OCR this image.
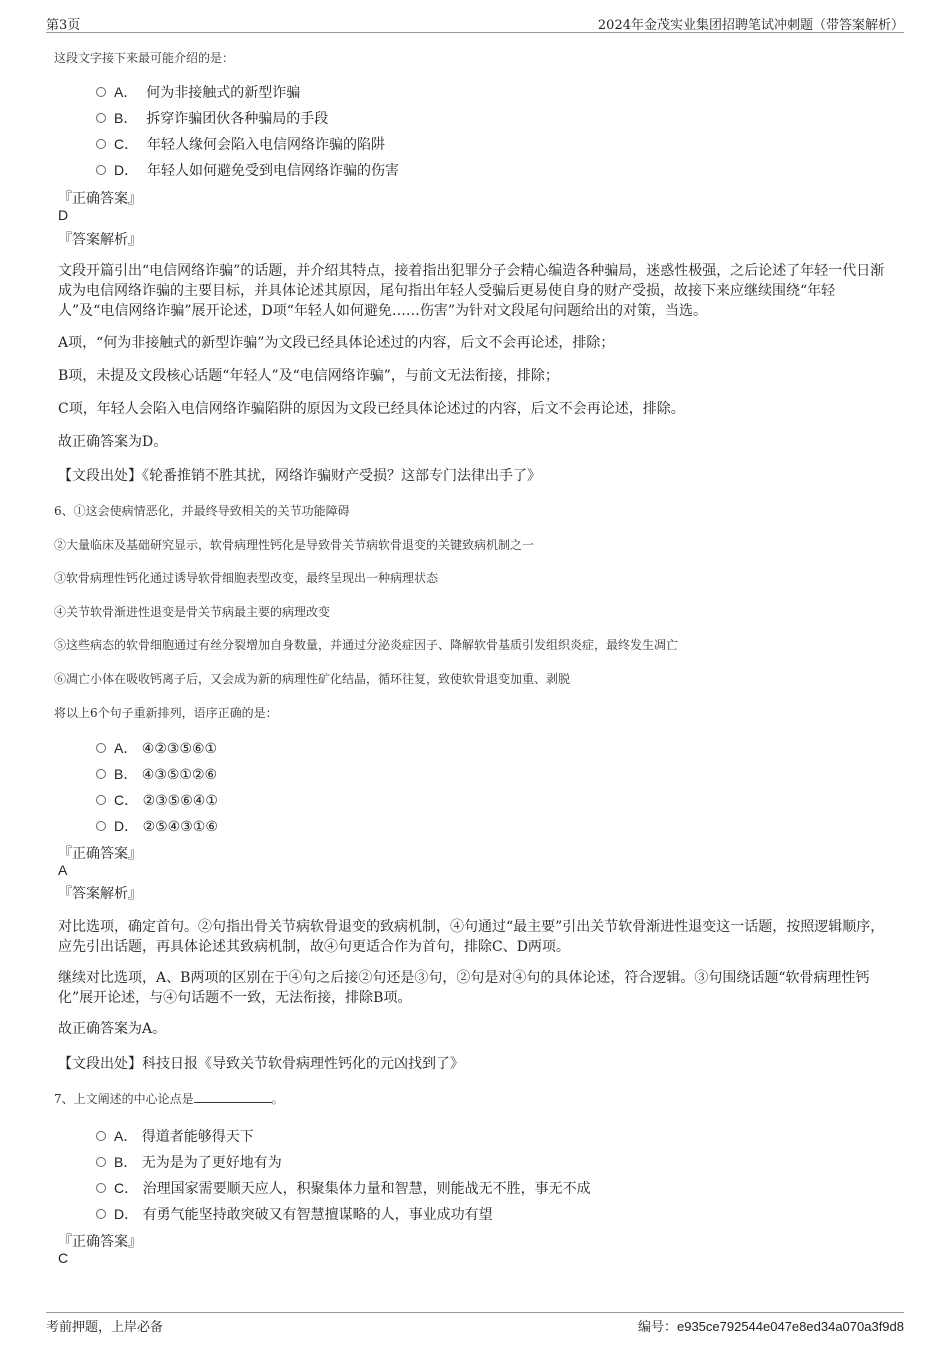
第3页	2024年金茂实业集团招聘笔试冲刺题（带答案解析）
这段文字接下来最可能介绍的是：
A． 何为非接触式的新型诈骗
B． 拆穿诈骗团伙各种骗局的手段
C． 年轻人缘何会陷入电信网络诈骗的陷阱
D． 年轻人如何避免受到电信网络诈骗的伤害
『正确答案』
D
『答案解析』
文段开篇引出“电信网络诈骗”的话题，并介绍其特点，接着指出犯罪分子会精心编造各种骗局，迷惑性极强，之后论述了年轻一代日渐成为电信网络诈骗的主要目标，并具体论述其原因，尾句指出年轻人受骗后更易使自身的财产受损，故接下来应继续围绕“年轻人”及“电信网络诈骗”展开论述，D项“年轻人如何避免……伤害”为针对文段尾句问题给出的对策，当选。
A项，“何为非接触式的新型诈骗”为文段已经具体论述过的内容，后文不会再论述，排除；
B项，未提及文段核心话题“年轻人”及“电信网络诈骗”，与前文无法衔接，排除；
C项，年轻人会陷入电信网络诈骗陷阱的原因为文段已经具体论述过的内容，后文不会再论述，排除。
故正确答案为D。
【文段出处】《轮番推销不胜其扰，网络诈骗财产受损？这部专门法律出手了》
6、①这会使病情恶化，并最终导致相关的关节功能障碍
②大量临床及基础研究显示，软骨病理性钙化是导致骨关节病软骨退变的关键致病机制之一
③软骨病理性钙化通过诱导软骨细胞表型改变，最终呈现出一种病理状态
④关节软骨渐进性退变是骨关节病最主要的病理改变
⑤这些病态的软骨细胞通过有丝分裂增加自身数量，并通过分泌炎症因子、降解软骨基质引发组织炎症，最终发生凋亡
⑥凋亡小体在吸收钙离子后，又会成为新的病理性矿化结晶，循环往复，致使软骨退变加重、剥脱
将以上6个句子重新排列，语序正确的是：
A． ④②③⑤⑥①
B． ④③⑤①②⑥
C． ②③⑤⑥④①
D． ②⑤④③①⑥
『正确答案』
A
『答案解析』
对比选项，确定首句。②句指出骨关节病软骨退变的致病机制，④句通过“最主要”引出关节软骨渐进性退变这一话题，按照逻辑顺序，应先引出话题，再具体论述其致病机制，故④句更适合作为首句，排除C、D两项。
继续对比选项，A、B两项的区别在于④句之后接②句还是③句，②句是对④句的具体论述，符合逻辑。③句围绕话题“软骨病理性钙化”展开论述，与④句话题不一致，无法衔接，排除B项。
故正确答案为A。
【文段出处】科技日报《导致关节软骨病理性钙化的元凶找到了》
7、上文阐述的中心论点是	。
A． 得道者能够得天下
B． 无为是为了更好地有为
C． 治理国家需要顺天应人，积聚集体力量和智慧，则能战无不胜，事无不成
D． 有勇气能坚持敢突破又有智慧擅谋略的人，事业成功有望
『正确答案』
C
考前押题，上岸必备	编号：e935ce792544e047e8ed34a070a3f9d8
